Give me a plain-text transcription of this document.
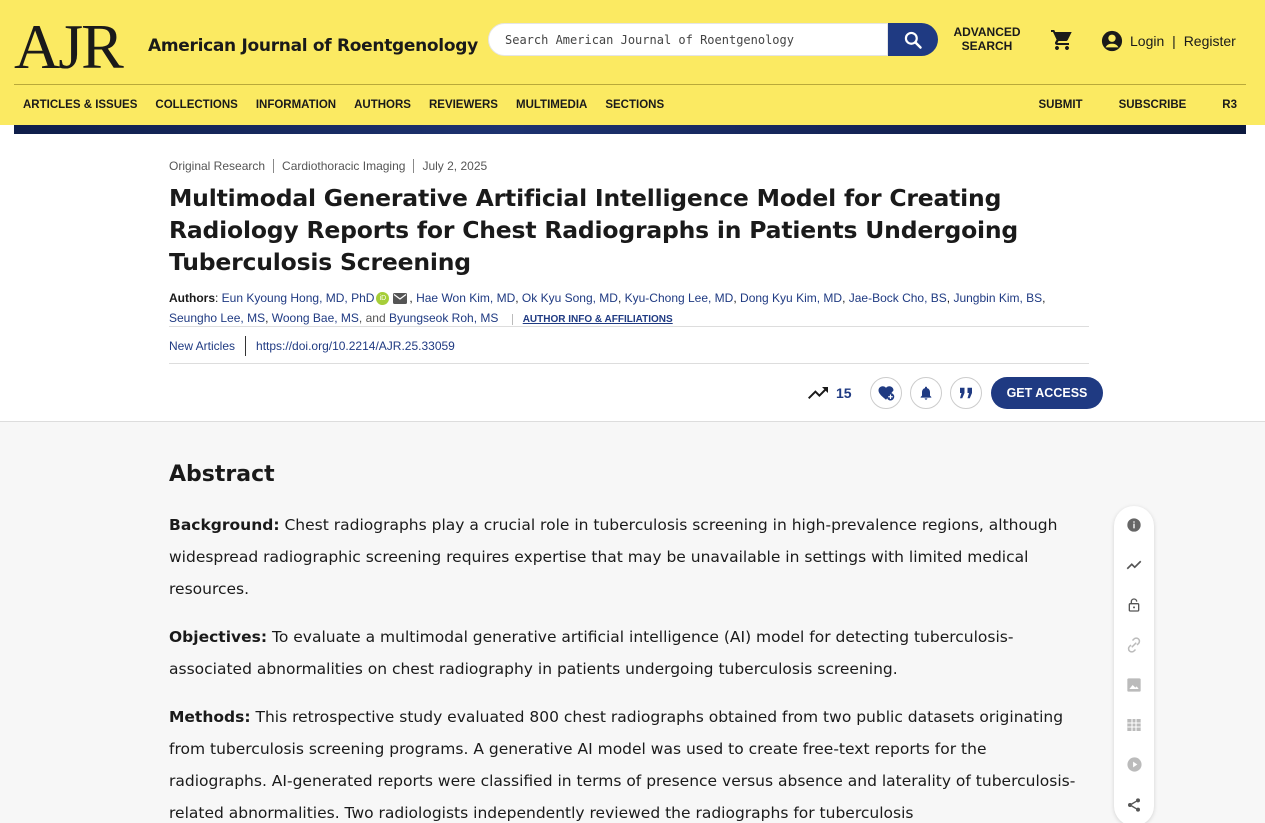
AJR American Journal of Roentgenology
Search American Journal of Roentgenology
ADVANCED SEARCH	Login | Register
ARTICLES & ISSUES	COLLECTIONS	INFORMATION	AUTHORS	REVIEWERS	MULTIMEDIA	SECTIONS	SUBMIT	SUBSCRIBE	R3
Original Research	Cardiothoracic Imaging	July 2, 2025
Multimodal Generative Artificial Intelligence Model for Creating Radiology Reports for Chest Radiographs in Patients Undergoing Tuberculosis Screening
Authors: Eun Kyoung Hong, MD, PhD iD , Hae Won Kim, MD, Ok Kyu Song, MD, Kyu-Chong Lee, MD, Dong Kyu Kim, MD, Jae-Bock Cho, BS, Jungbin Kim, BS, Seungho Lee, MS, Woong Bae, MS, and Byungseok Roh, MS AUTHOR INFO & AFFILIATIONS
New Articles https://doi.org/10.2214/AJR.25.33059
15	GET ACCESS
Abstract

Background: Chest radiographs play a crucial role in tuberculosis screening in high-prevalence regions, although widespread radiographic screening requires expertise that may be unavailable in settings with limited medical resources.

Objectives: To evaluate a multimodal generative artificial intelligence (AI) model for detecting tuberculosis-associated abnormalities on chest radiography in patients undergoing tuberculosis screening.

Methods: This retrospective study evaluated 800 chest radiographs obtained from two public datasets originating from tuberculosis screening programs. A generative AI model was used to create free-text reports for the radiographs. AI-generated reports were classified in terms of presence versus absence and laterality of tuberculosis-related abnormalities. Two radiologists independently reviewed the radiographs for tuberculosis
